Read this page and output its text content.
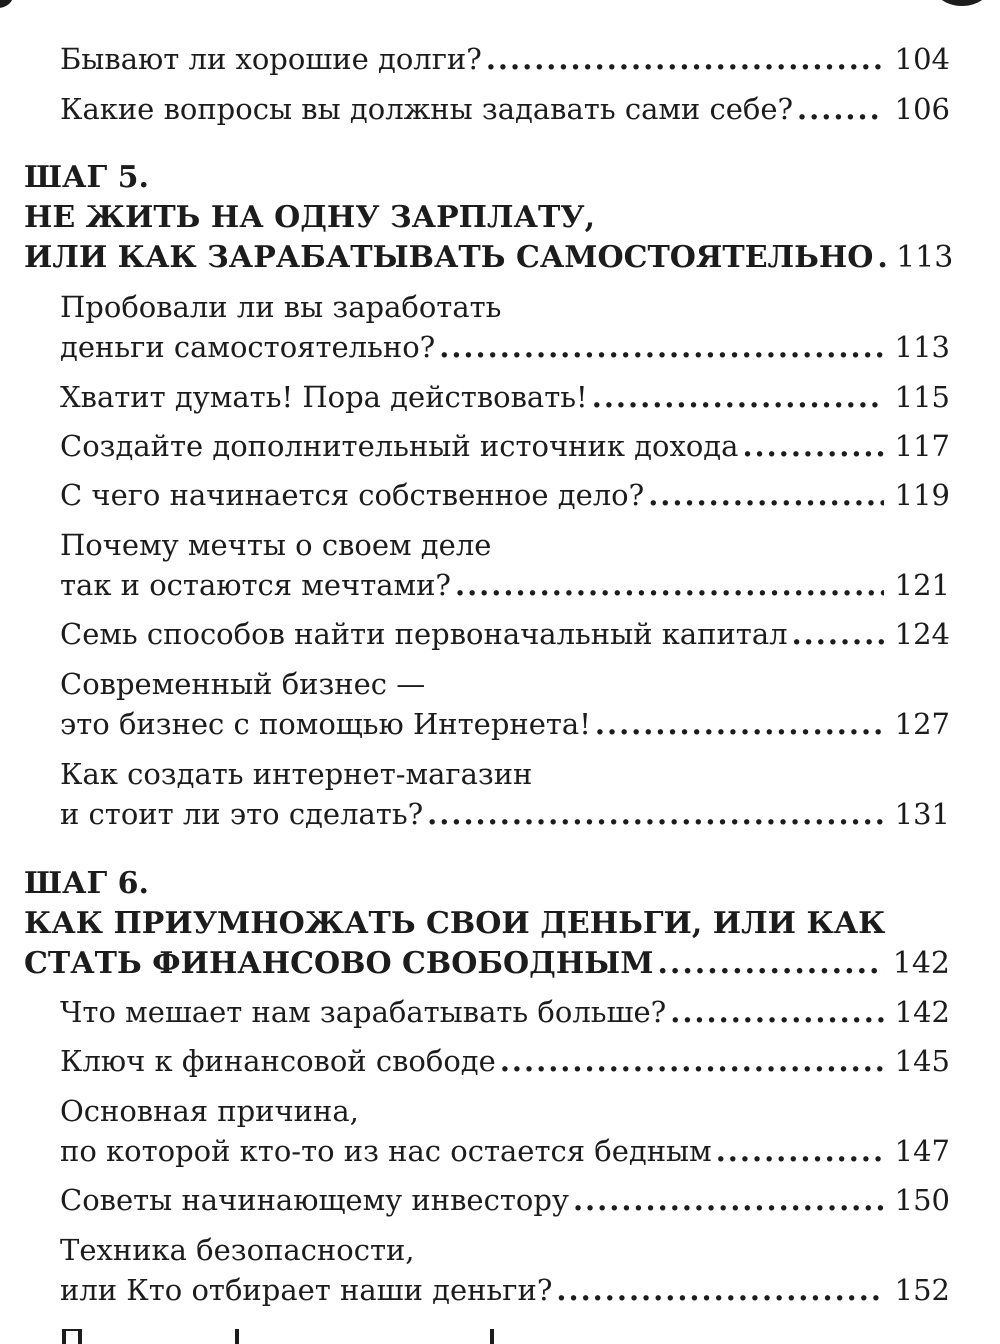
Бывают ли хорошие долги? .....	104
Какие вопросы вы должны задавать сами себе? .....	106
ШАГ 5.
НЕ ЖИТЬ НА ОДНУ ЗАРПЛАТУ,
ИЛИ КАК ЗАРАБАТЫВАТЬ САМОСТОЯТЕЛЬНО ..... 113
Пробовали ли вы заработать
деньги самостоятельно? .....	113
Хватит думать! Пора действовать! .....	115
Создайте дополнительный источник дохода .....	117
С чего начинается собственное дело? .....	119
Почему мечты о своем деле
так и остаются мечтами? .....	121
Семь способов найти первоначальный капитал .....	124
Современный бизнес —
это бизнес с помощью Интернета! .....	127
Как создать интернет-магазин
и стоит ли это сделать? .....	131
ШАГ 6.
КАК ПРИУМНОЖАТЬ СВОИ ДЕНЬГИ, ИЛИ КАК
СТАТЬ ФИНАНСОВО СВОБОДНЫМ .....	142
Что мешает нам зарабатывать больше? .....	142
Ключ к финансовой свободе .....	145
Основная причина,
по которой кто-то из нас остается бедным .....	147
Советы начинающему инвестору .....	150
Техника безопасности,
или Кто отбирает наши деньги? .....	152
